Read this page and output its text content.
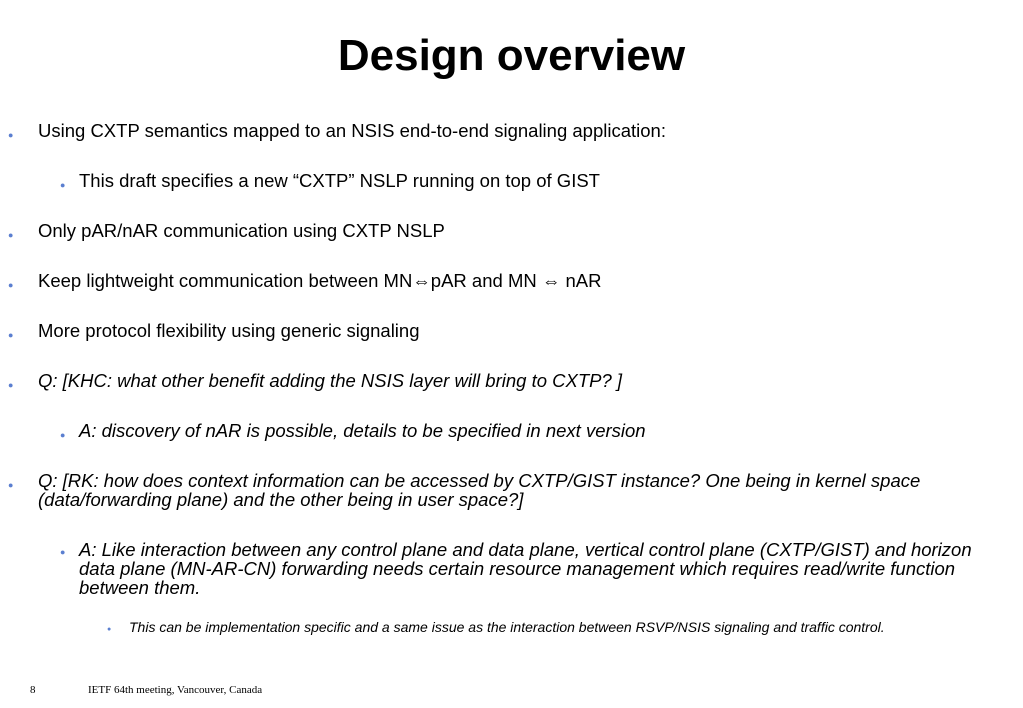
Design overview
● Using CXTP semantics mapped to an NSIS end-to-end signaling application:
● This draft specifies a new “CXTP” NSLP running on top of GIST
● Only pAR/nAR communication using CXTP NSLP
● Keep lightweight communication between MN⇔pAR and MN ⇔ nAR
● More protocol flexibility using generic signaling
● Q: [KHC: what other benefit adding the NSIS layer will bring to CXTP? ]
● A: discovery of nAR is possible, details to be specified in next version
● Q: [RK: how does context information can be accessed by CXTP/GIST instance? One being in kernel space (data/forwarding plane) and the other being in user space?]
● A: Like interaction between any control plane and data plane, vertical control plane (CXTP/GIST) and horizon data plane (MN-AR-CN) forwarding needs certain resource management which requires read/write function between them.
● This can be implementation specific and a same issue as the interaction between RSVP/NSIS signaling and traffic control.
8	IETF 64th meeting, Vancouver, Canada
